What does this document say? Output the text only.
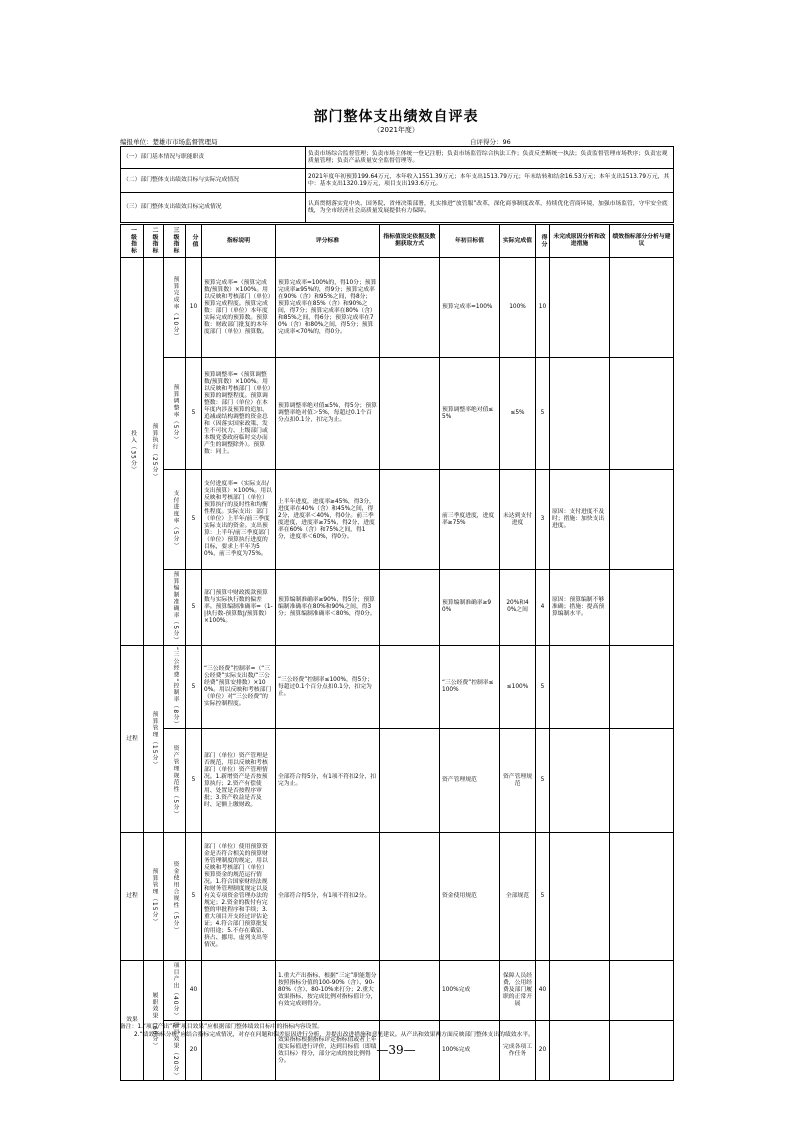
部门整体支出绩效自评表
（2021年度）
编报单位：楚雄市市场监督管理局	自评得分：96
（一）部门基本情况与职能职责	负责市场综合监督管理；负责市场主体统一登记注册；负责市场监管综合执法工作；负责反垄断统一执法；负责监督管理市场秩序；负责宏观质量管理；负责产品质量安全监督管理等。
（二）部门整体支出绩效目标与实际完成情况	2021年度年初预算199.64万元，本年收入1551.39万元；本年支出1513.79万元；年末结转和结余16.53万元；本年支出1513.79万元，其中：基本支出1320.19万元，项目支出193.6万元。
（三）部门整体支出绩效目标完成情况	认真贯彻落实党中央、国务院、省州决策部署，扎实推进“放管服”改革，深化商事制度改革，持续优化营商环境，加强市场监管，守牢安全底线，为全市经济社会高质量发展提供有力保障。
一级指标	二级指标	三级指标	分值	指标说明	评分标准	指标值设定依据及数据获取方式	年初目标值	实际完成值	得分	未完成原因分析和改进措施	绩效指标部分分析与建议

投入（35分）	预算执行（25分）	预算完成率（10分）	10	预算完成率=（预算完成数/预算数）×100%。用以反映和考核部门（单位）预算完成程度。预算完成数：部门（单位）本年度实际完成的预算数。预算数：财政部门批复的本年度部门（单位）预算数。	预算完成率=100%的，得10分；预算完成率≥95%的，得9分；预算完成率在90%（含）和95%之间，得8分；预算完成率在85%（含）和90%之间，得7分；预算完成率在80%（含）和85%之间，得6分；预算完成率在70%（含）和80%之间，得5分；预算完成率<70%的，得0分。		预算完成率=100%	100%	10		

		预算调整率（5分）	5	预算调整率=（预算调整数/预算数）×100%。用以反映和考核部门（单位）预算的调整程度。预算调整数：部门（单位）在本年度内涉及预算的追加、追减或结构调整的资金总和（因落实国家政策、发生不可抗力、上级部门或本级党委政府临时交办而产生的调整除外）。预算数：同上。	预算调整率绝对值≤5%，得5分；预算调整率绝对值＞5%，每超过0.1个百分点扣0.1分，扣完为止。		预算调整率绝对值≤5%	≤5%	5		

		支付进度率（5分）	5	支付进度率=（实际支出/支出预算）×100%。用以反映和考核部门（单位）预算执行的及时性和均衡性程度。实际支出：部门（单位）上半年/前三季度实际支出的资金。支出预算：上半年/前三季度部门（单位）预算执行进度的目标，要求上半年为50%，前三季度为75%。	上半年进度，进度率≥45%，得3分，进度率在40%（含）和45%之间，得2分，进度率＜40%，得0分。前三季度进度，进度率≥75%，得2分，进度率在60%（含）和75%之间，得1分，进度率＜60%，得0分。		前三季度进度，进度率≥75%	未达到支付进度	3	原因：支付进度不及时；措施：加快支出进度。	

		预算编制准确率（5分）	5	部门预算中财政拨款预算数与实际执行数的偏差率。预算编制准确率=（1-|执行数-预算数|/预算数）×100%。	预算编制准确率≥90%，得5分；预算编制准确率在80%和90%之间，得3分；预算编制准确率＜80%，得0分。		预算编制准确率≥90%	20%和40%之间	4	原因：预算编制不够准确；措施：提高预算编制水平。	
过程	预算管理（15分）	“三公经费”控制率（8分）	5	“三公经费”控制率=（“三公经费”实际支出数/“三公经费”预算安排数）×100%。用以反映和考核部门（单位）对“三公经费”的实际控制程度。	“三公经费”控制率≤100%，得5分；每超过0.1个百分点扣0.1分，扣完为止。		“三公经费”控制率≤100%	≤100%	5		

		资产管理规范性（5分）	5	部门（单位）资产管理是否规范，用以反映和考核部门（单位）资产管理情况。1.新增资产是否按预算执行；2.资产有偿使用、处置是否按程序审批；3.资产收益是否及时、足额上缴财政。	全部符合得5分，有1项不符扣2分，扣完为止。		资产管理规范	资产管理规范	5		
过程	预算管理（15分）	资金使用合规性（5分）	5	部门（单位）使用预算资金是否符合相关的预算财务管理制度的规定，用以反映和考核部门（单位）预算资金的规范运行情况。1.符合国家财经法规和财务管理制度规定以及有关专项资金管理办法的规定；2.资金的拨付有完整的审批程序和手续；3.重大项目开支经过评估论证；4.符合部门预算批复的用途；5.不存在截留、挤占、挪用、虚列支出等情况。	全部符合得5分，有1项不符扣2分。		资金使用规范	全部规范	5		
效果	履职效果（60分）	项目产出（40分）	40		1.重大产出指标，根据“三定”职能划分按照指标分值的100-90%（含）、90-80%（含）、80-10%来打分；2.重大效果指标，按完成比例对指标值计分，有效完成则得分。		100%完成	保障人员经费，公用经费及部门履职的正常开展	40		

		项目效果（20分）	20		效果指标根据指标评定指标值或者上年度实际值进行评价，达到目标值（即绩效目标）得分，部分完成的按比例得分。		100%完成	完成各项工作任务	20		
备注：1.“项目产出”和“项目效果”应根据部门整体绩效目标中的指标内容设置。
2.“绩效指标分析”应结合指标完成情况，对存在问题和偏差原因进行分析，并提出改进措施和意见建议。从产出和效果两方面反映部门整体支出的绩效水平。
—39—
